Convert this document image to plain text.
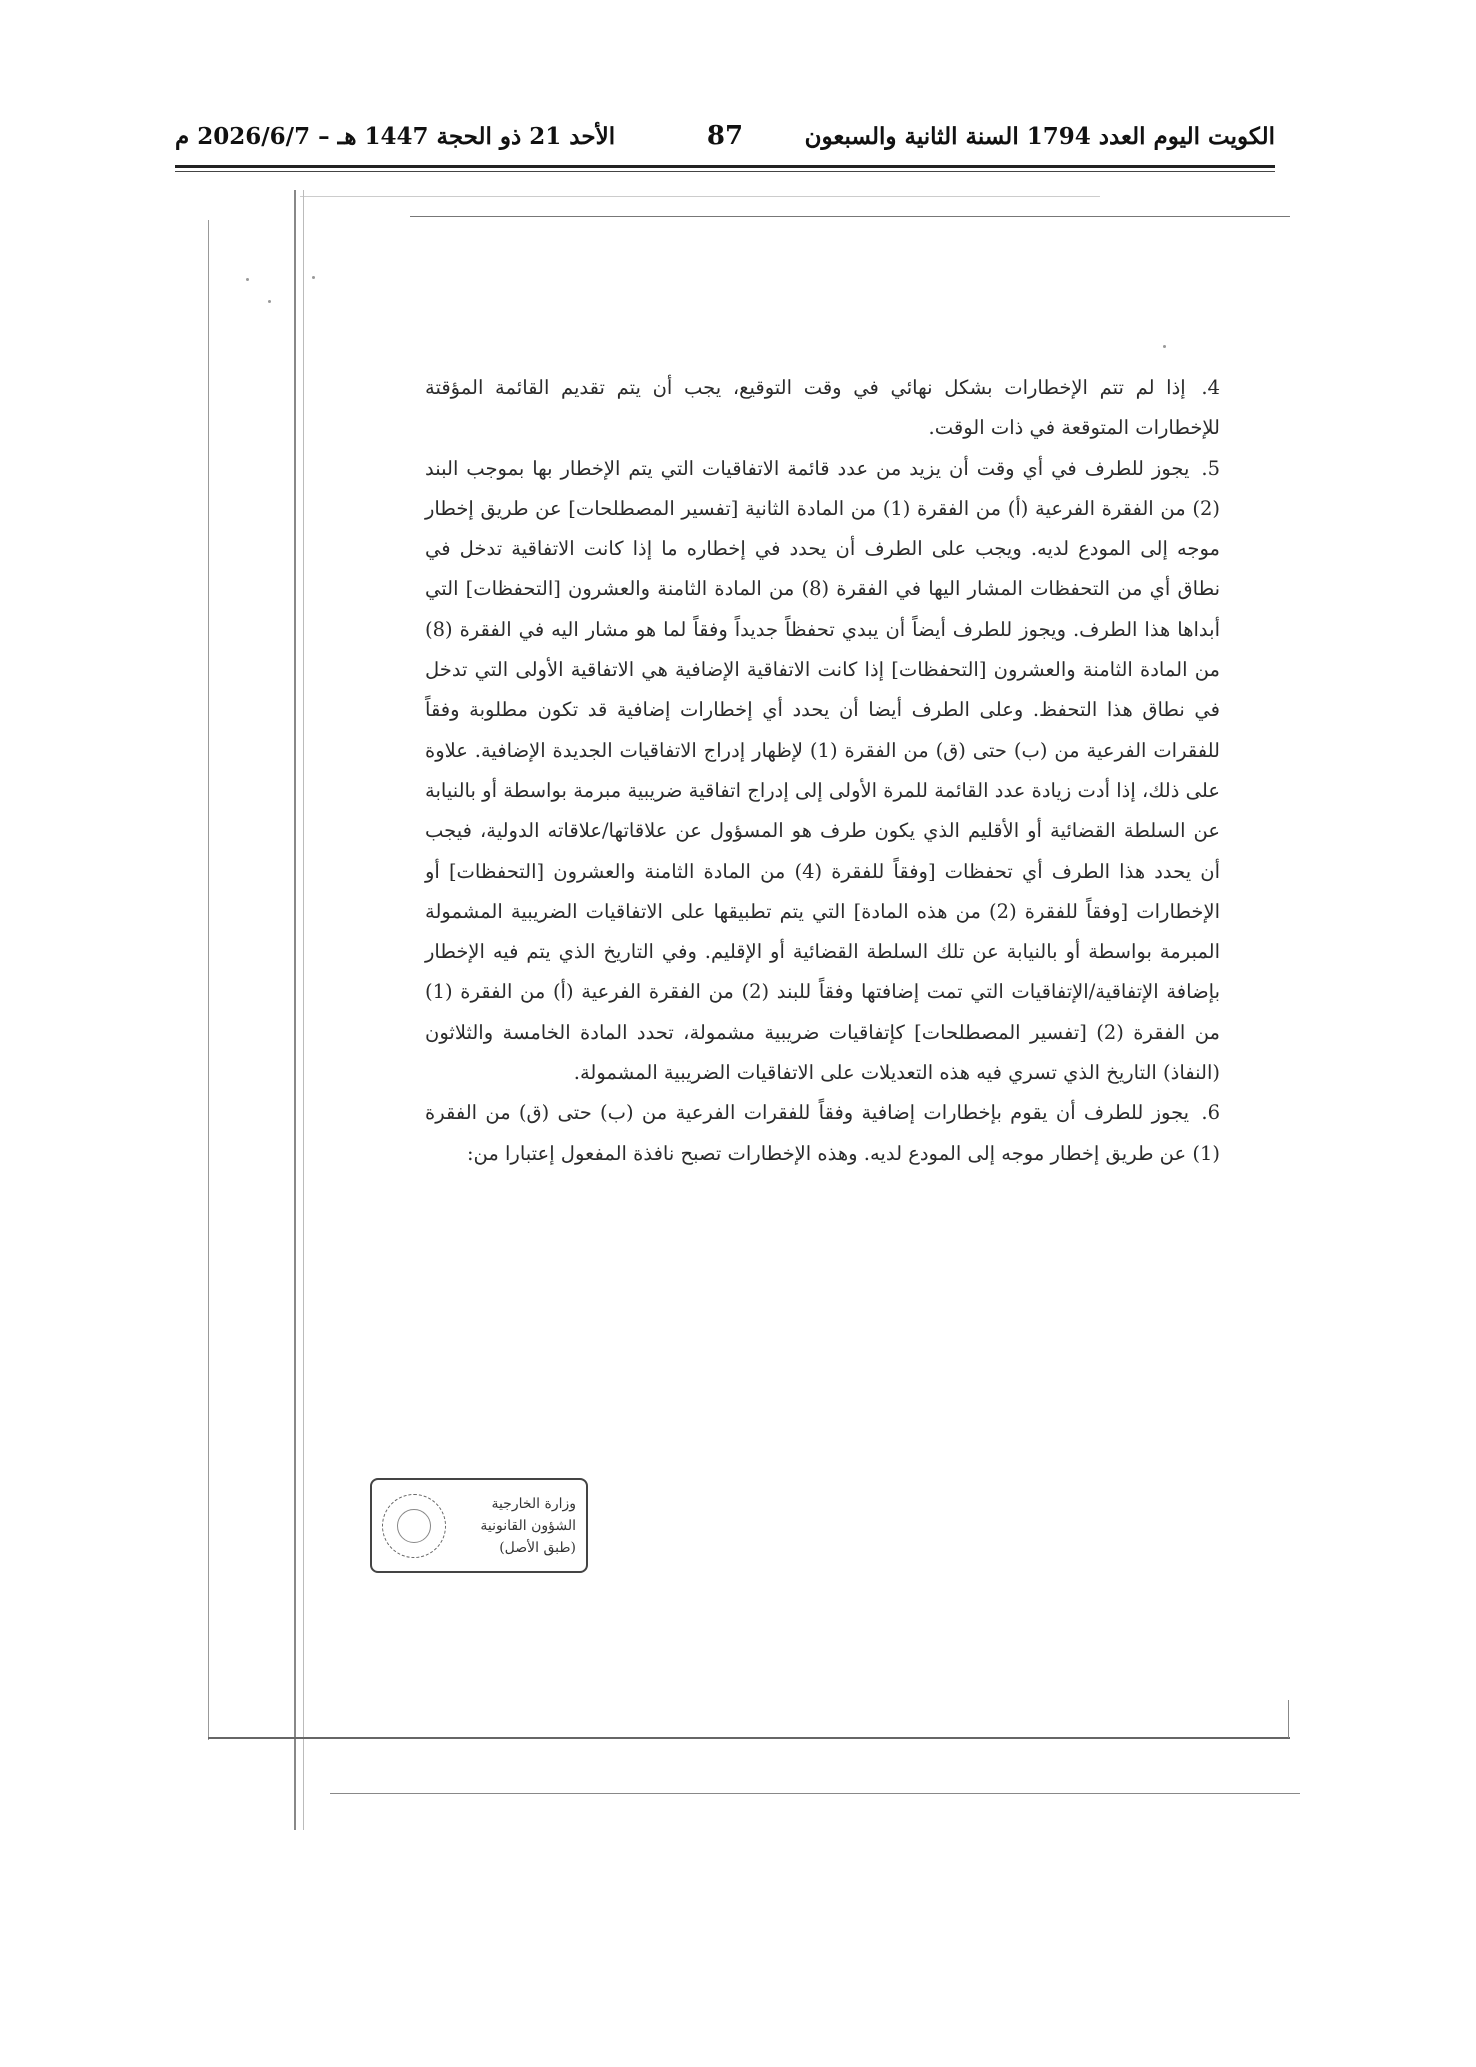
الكويت اليوم العدد 1794 السنة الثانية والسبعون
87
الأحد 21 ذو الحجة 1447 هـ – 2026/6/7 م

4. إذا لم تتم الإخطارات بشكل نهائي في وقت التوقيع، يجب أن يتم تقديم القائمة المؤقتة للإخطارات المتوقعة في ذات الوقت.

5. يجوز للطرف في أي وقت أن يزيد من عدد قائمة الاتفاقيات التي يتم الإخطار بها بموجب البند (2) من الفقرة الفرعية (أ) من الفقرة (1) من المادة الثانية [تفسير المصطلحات] عن طريق إخطار موجه إلى المودع لديه. ويجب على الطرف أن يحدد في إخطاره ما إذا كانت الاتفاقية تدخل في نطاق أي من التحفظات المشار اليها في الفقرة (8) من المادة الثامنة والعشرون [التحفظات] التي أبداها هذا الطرف. ويجوز للطرف أيضاً أن يبدي تحفظاً جديداً وفقاً لما هو مشار اليه في الفقرة (8) من المادة الثامنة والعشرون [التحفظات] إذا كانت الاتفاقية الإضافية هي الاتفاقية الأولى التي تدخل في نطاق هذا التحفظ. وعلى الطرف أيضا أن يحدد أي إخطارات إضافية قد تكون مطلوبة وفقاً للفقرات الفرعية من (ب) حتى (ق) من الفقرة (1) لإظهار إدراج الاتفاقيات الجديدة الإضافية. علاوة على ذلك، إذا أدت زيادة عدد القائمة للمرة الأولى إلى إدراج اتفاقية ضريبية مبرمة بواسطة أو بالنيابة عن السلطة القضائية أو الأقليم الذي يكون طرف هو المسؤول عن علاقاتها/علاقاته الدولية، فيجب أن يحدد هذا الطرف أي تحفظات [وفقاً للفقرة (4) من المادة الثامنة والعشرون [التحفظات] أو الإخطارات [وفقاً للفقرة (2) من هذه المادة] التي يتم تطبيقها على الاتفاقيات الضريبية المشمولة المبرمة بواسطة أو بالنيابة عن تلك السلطة القضائية أو الإقليم. وفي التاريخ الذي يتم فيه الإخطار بإضافة الإتفاقية/الإتفاقيات التي تمت إضافتها وفقاً للبند (2) من الفقرة الفرعية (أ) من الفقرة (1) من الفقرة (2) [تفسير المصطلحات] كإتفاقيات ضريبية مشمولة، تحدد المادة الخامسة والثلاثون (النفاذ) التاريخ الذي تسري فيه هذه التعديلات على الاتفاقيات الضريبية المشمولة.

6. يجوز للطرف أن يقوم بإخطارات إضافية وفقاً للفقرات الفرعية من (ب) حتى (ق) من الفقرة (1) عن طريق إخطار موجه إلى المودع لديه. وهذه الإخطارات تصبح نافذة المفعول إعتبارا من:

وزارة الخارجية
الشؤون القانونية
(طبق الأصل)
